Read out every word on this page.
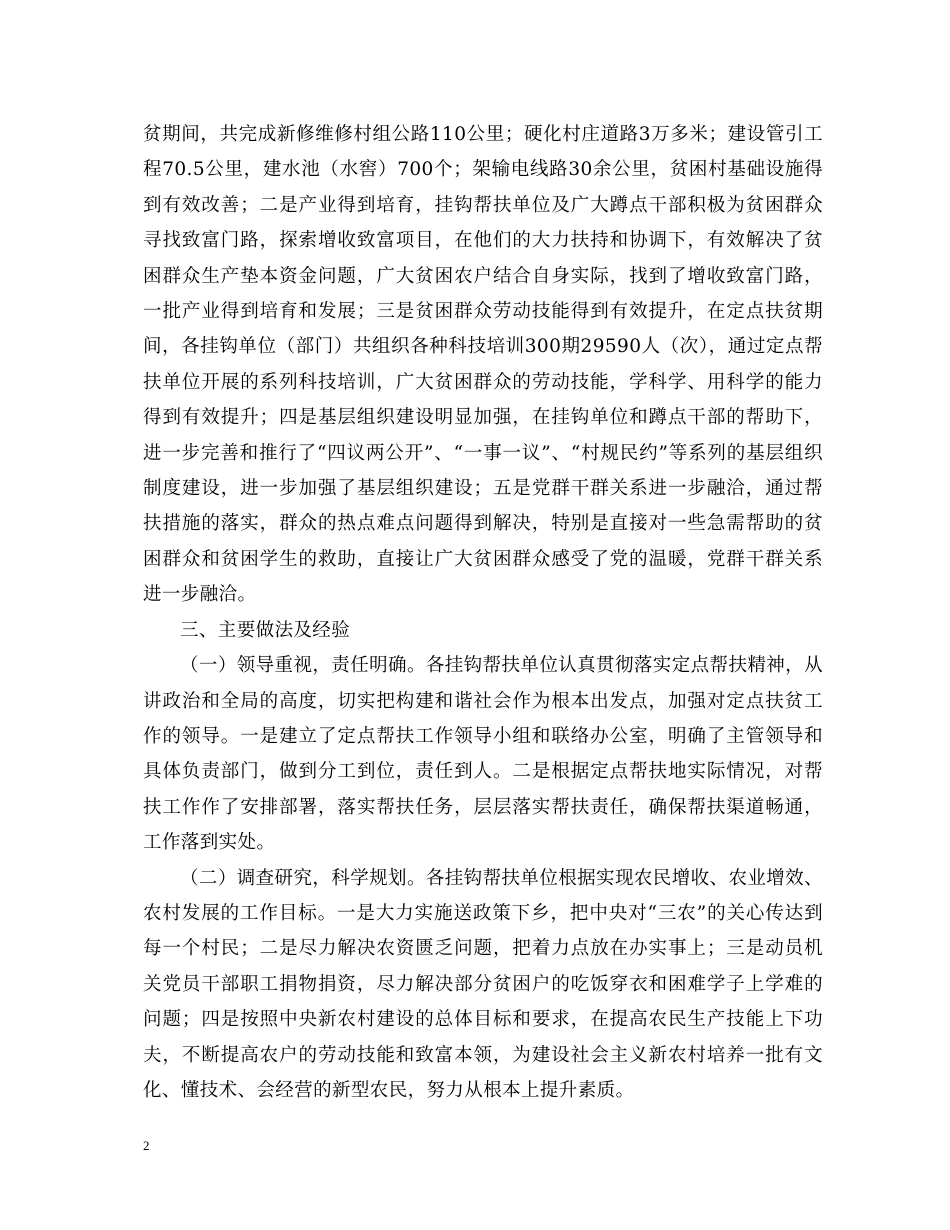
贫期间，共完成新修维修村组公路110公里；硬化村庄道路3万多米；建设管引工程70.5公里，建水池（水窖）700个；架输电线路30余公里，贫困村基础设施得到有效改善；二是产业得到培育，挂钩帮扶单位及广大蹲点干部积极为贫困群众寻找致富门路，探索增收致富项目，在他们的大力扶持和协调下，有效解决了贫困群众生产垫本资金问题，广大贫困农户结合自身实际，找到了增收致富门路，一批产业得到培育和发展；三是贫困群众劳动技能得到有效提升，在定点扶贫期间，各挂钩单位（部门）共组织各种科技培训300期29590人（次），通过定点帮扶单位开展的系列科技培训，广大贫困群众的劳动技能，学科学、用科学的能力得到有效提升；四是基层组织建设明显加强，在挂钩单位和蹲点干部的帮助下，进一步完善和推行了“四议两公开”、“一事一议”、“村规民约”等系列的基层组织制度建设，进一步加强了基层组织建设；五是党群干群关系进一步融洽，通过帮扶措施的落实，群众的热点难点问题得到解决，特别是直接对一些急需帮助的贫困群众和贫困学生的救助，直接让广大贫困群众感受了党的温暖，党群干群关系进一步融洽。

三、主要做法及经验

（一）领导重视，责任明确。各挂钩帮扶单位认真贯彻落实定点帮扶精神，从讲政治和全局的高度，切实把构建和谐社会作为根本出发点，加强对定点扶贫工作的领导。一是建立了定点帮扶工作领导小组和联络办公室，明确了主管领导和具体负责部门，做到分工到位，责任到人。二是根据定点帮扶地实际情况，对帮扶工作作了安排部署，落实帮扶任务，层层落实帮扶责任，确保帮扶渠道畅通，工作落到实处。

（二）调查研究，科学规划。各挂钩帮扶单位根据实现农民增收、农业增效、农村发展的工作目标。一是大力实施送政策下乡，把中央对“三农”的关心传达到每一个村民；二是尽力解决农资匮乏问题，把着力点放在办实事上；三是动员机关党员干部职工捐物捐资，尽力解决部分贫困户的吃饭穿衣和困难学子上学难的问题；四是按照中央新农村建设的总体目标和要求，在提高农民生产技能上下功夫，不断提高农户的劳动技能和致富本领，为建设社会主义新农村培养一批有文化、懂技术、会经营的新型农民，努力从根本上提升素质。

2
